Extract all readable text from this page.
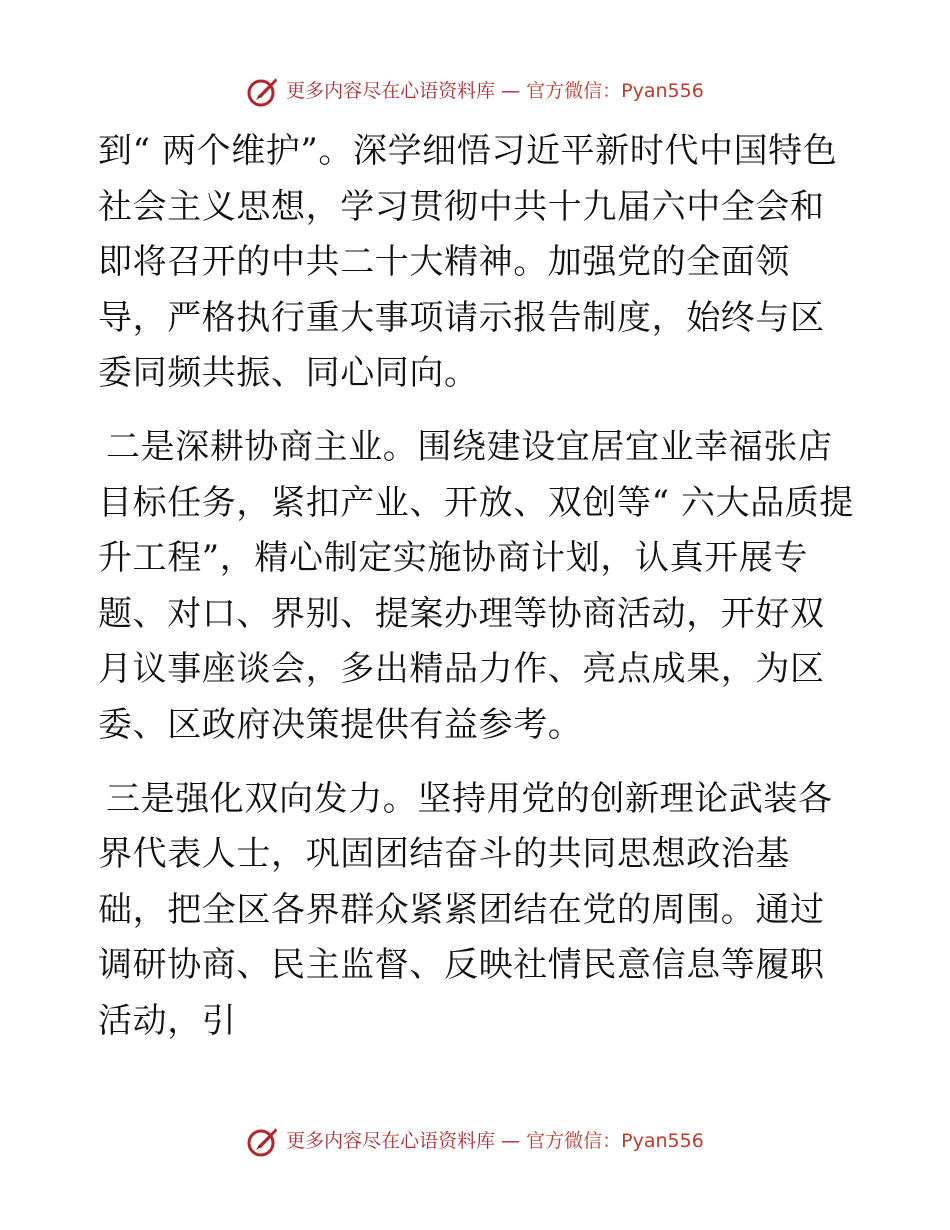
更多内容尽在心语资料库 — 官方微信：Pyan556

到“ 两个维护”。深学细悟习近平新时代中国特色社会主义思想，学习贯彻中共十九届六中全会和即将召开的中共二十大精神。加强党的全面领导，严格执行重大事项请示报告制度，始终与区委同频共振、同心同向。

二是深耕协商主业。围绕建设宜居宜业幸福张店目标任务，紧扣产业、开放、双创等“ 六大品质提升工程”，精心制定实施协商计划，认真开展专题、对口、界别、提案办理等协商活动，开好双月议事座谈会，多出精品力作、亮点成果，为区委、区政府决策提供有益参考。

三是强化双向发力。坚持用党的创新理论武装各界代表人士，巩固团结奋斗的共同思想政治基础，把全区各界群众紧紧团结在党的周围。通过调研协商、民主监督、反映社情民意信息等履职活动，引

更多内容尽在心语资料库 — 官方微信：Pyan556
